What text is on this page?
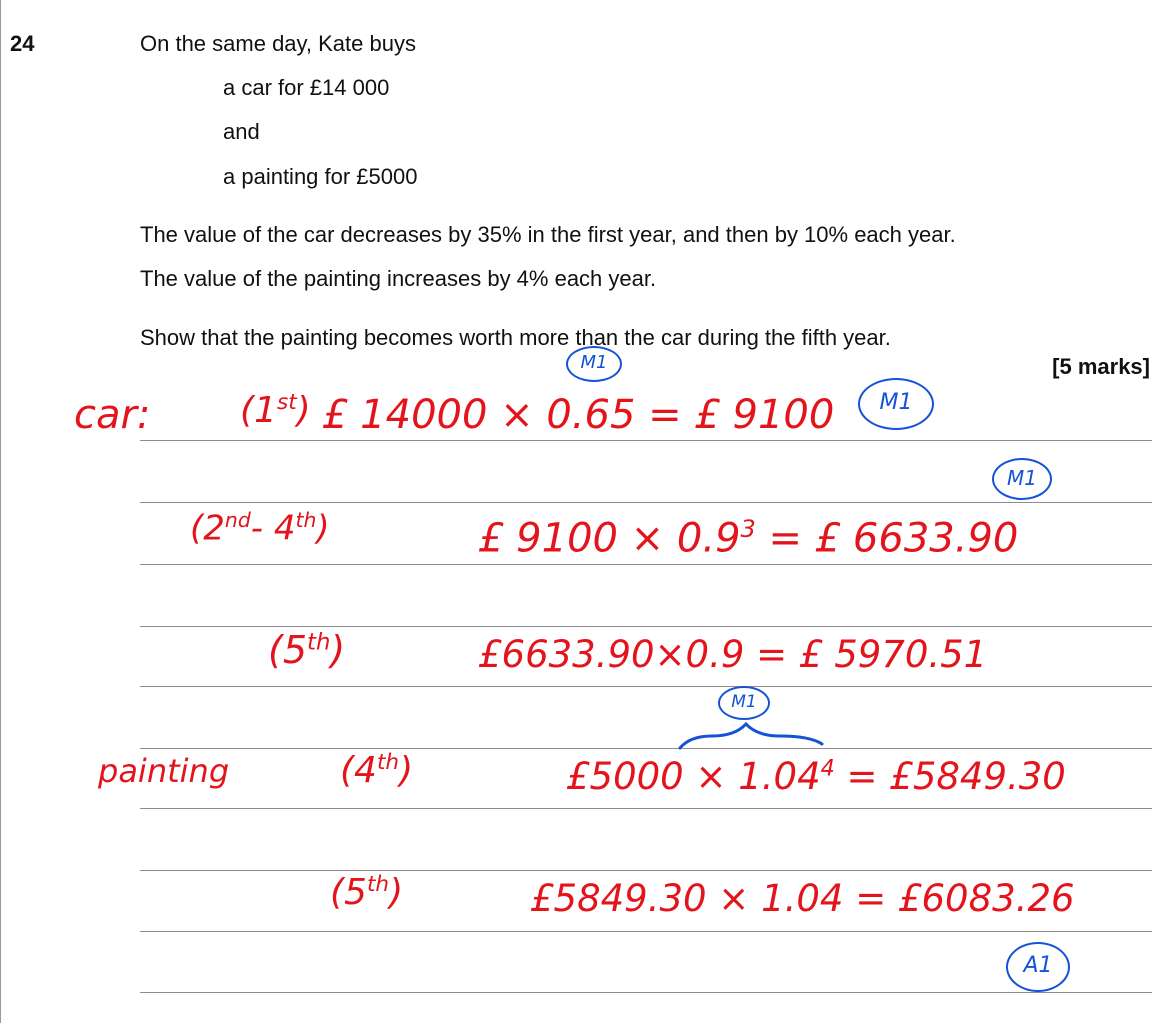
24	On the same day, Kate buys
a car for £14 000
and
a painting for £5000
The value of the car decreases by 35% in the first year, and then by 10% each year.
The value of the painting increases by 4% each year.
Show that the painting becomes worth more than the car during the fifth year.
[5 marks]
car: (1st) £ 14000 × 0.65 = £ 9100
(2nd- 4th)	£ $9100 \times 0.9^3$ = £ 6633.90
(5th)	£6633.90×0.9 = £ 5970.51
painting	(4th)	£5000 × $1.04^4$ = £5849.30
(5th)	£5849.30 × 1.04 = £6083.26
M1
M1
M1
M1
A1
